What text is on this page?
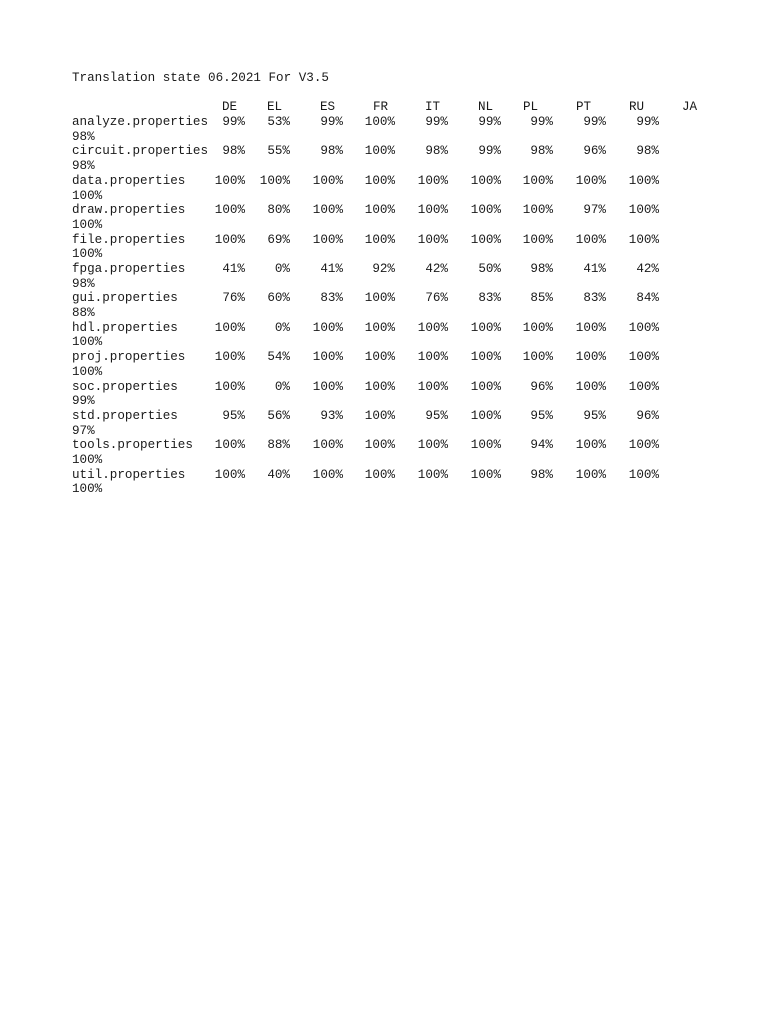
Translation state 06.2021 For V3.5
DE EL	ES	FR	IT	NL PL	PT	RU	JA
analyze.properties 99% 53% 99% 100% 99% 99% 99% 99% 99%
98%
circuit.properties 98% 55% 98% 100% 98% 99% 98% 96% 98%
98%
data.properties 100% 100% 100% 100% 100% 100% 100% 100% 100%
100%
draw.properties 100% 80% 100% 100% 100% 100% 100% 97% 100%
100%
file.properties 100% 69% 100% 100% 100% 100% 100% 100% 100%
100%
fpga.properties	41% 0% 41% 92% 42% 50% 98% 41% 42%
98%
gui.properties	76% 60% 83% 100% 76% 83% 85% 83% 84%
88%
hdl.properties	100% 0% 100% 100% 100% 100% 100% 100% 100%
100%
proj.properties 100% 54% 100% 100% 100% 100% 100% 100% 100%
100%
soc.properties	100% 0% 100% 100% 100% 100% 96% 100% 100%
99%
std.properties	95% 56% 93% 100% 95% 100% 95% 95% 96%
97%
tools.properties 100% 88% 100% 100% 100% 100% 94% 100% 100%
100%
util.properties 100% 40% 100% 100% 100% 100% 98% 100% 100%
100%
